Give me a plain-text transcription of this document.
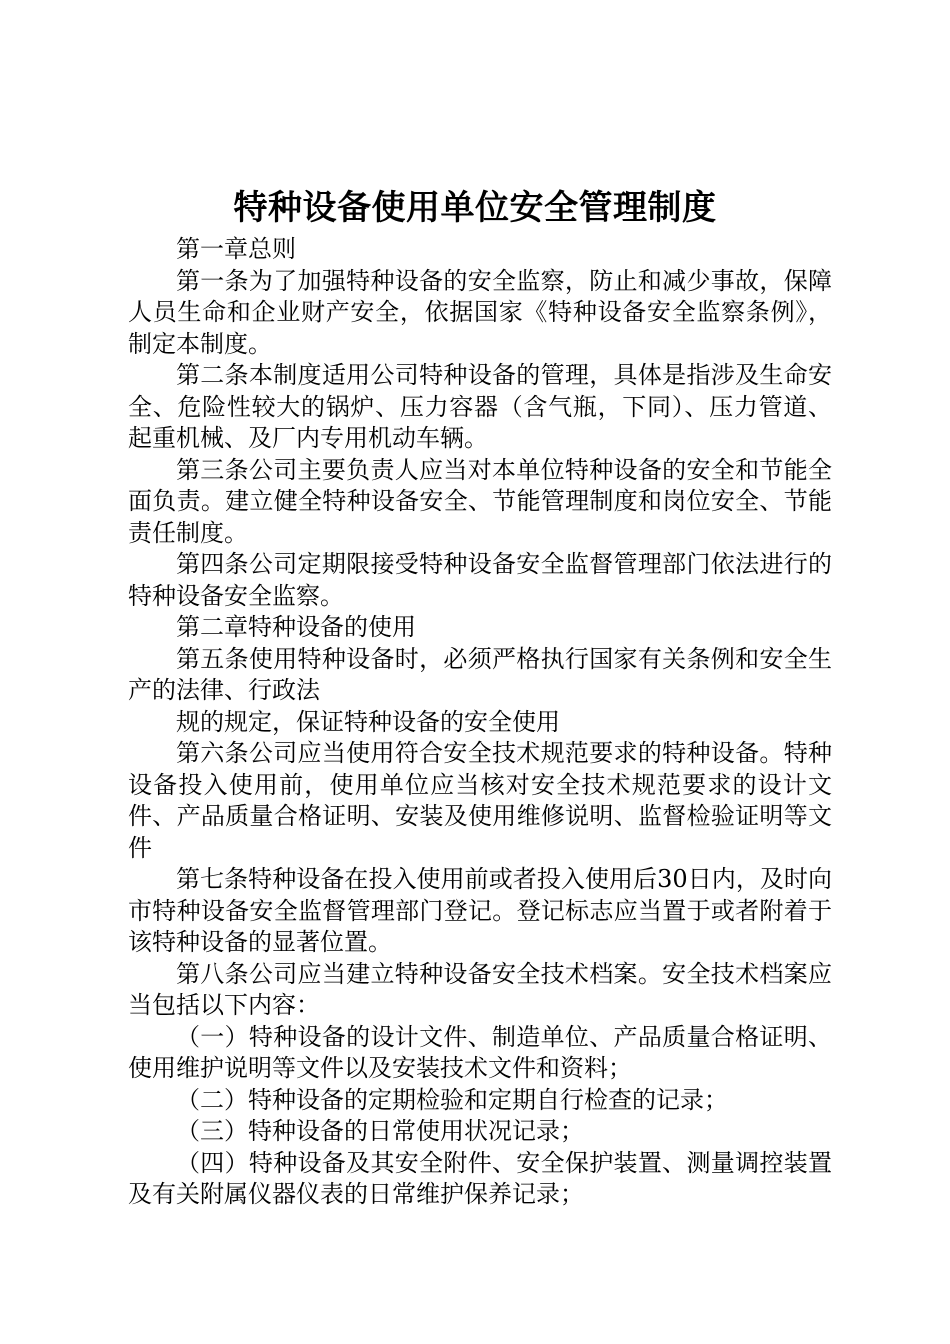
特种设备使用单位安全管理制度

第一章总则

第一条为了加强特种设备的安全监察，防止和减少事故，保障人员生命和企业财产安全，依据国家《特种设备安全监察条例》，制定本制度。

第二条本制度适用公司特种设备的管理，具体是指涉及生命安全、危险性较大的锅炉、压力容器（含气瓶，下同）、压力管道、起重机械、及厂内专用机动车辆。

第三条公司主要负责人应当对本单位特种设备的安全和节能全面负责。建立健全特种设备安全、节能管理制度和岗位安全、节能责任制度。

第四条公司定期限接受特种设备安全监督管理部门依法进行的特种设备安全监察。

第二章特种设备的使用

第五条使用特种设备时，必须严格执行国家有关条例和安全生产的法律、行政法

规的规定，保证特种设备的安全使用

第六条公司应当使用符合安全技术规范要求的特种设备。特种设备投入使用前，使用单位应当核对安全技术规范要求的设计文件、产品质量合格证明、安装及使用维修说明、监督检验证明等文件

第七条特种设备在投入使用前或者投入使用后30日内，及时向市特种设备安全监督管理部门登记。登记标志应当置于或者附着于该特种设备的显著位置。

第八条公司应当建立特种设备安全技术档案。安全技术档案应当包括以下内容：

（一）特种设备的设计文件、制造单位、产品质量合格证明、使用维护说明等文件以及安装技术文件和资料；

（二）特种设备的定期检验和定期自行检查的记录；

（三）特种设备的日常使用状况记录；

（四）特种设备及其安全附件、安全保护装置、测量调控装置及有关附属仪器仪表的日常维护保养记录；
